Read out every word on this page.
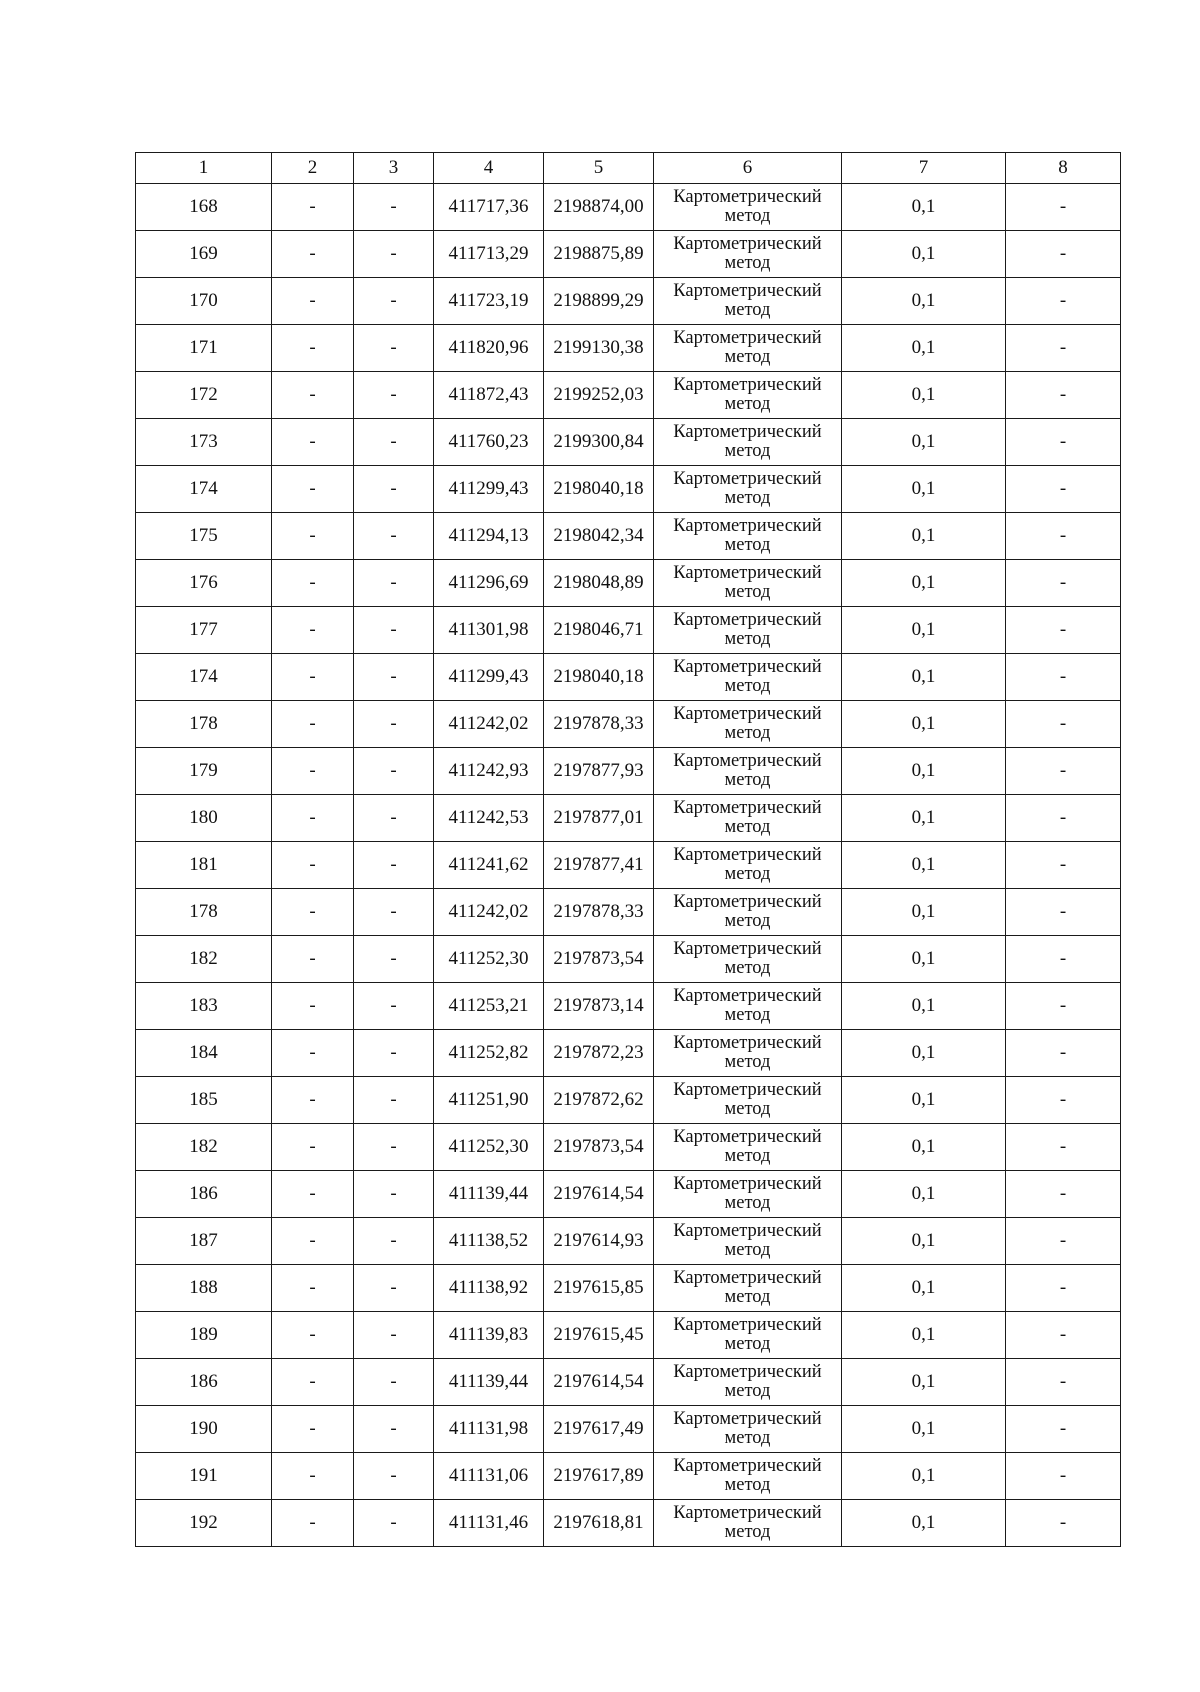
1	2	3	4	5	6	7	8
168	-	-	411717,36	2198874,00	Картометрический
метод	0,1	-
169	-	-	411713,29	2198875,89	Картометрический
метод	0,1	-
170	-	-	411723,19	2198899,29	Картометрический
метод	0,1	-
171	-	-	411820,96	2199130,38	Картометрический
метод	0,1	-
172	-	-	411872,43	2199252,03	Картометрический
метод	0,1	-
173	-	-	411760,23	2199300,84	Картометрический
метод	0,1	-
174	-	-	411299,43	2198040,18	Картометрический
метод	0,1	-
175	-	-	411294,13	2198042,34	Картометрический
метод	0,1	-
176	-	-	411296,69	2198048,89	Картометрический
метод	0,1	-
177	-	-	411301,98	2198046,71	Картометрический
метод	0,1	-
174	-	-	411299,43	2198040,18	Картометрический
метод	0,1	-
178	-	-	411242,02	2197878,33	Картометрический
метод	0,1	-
179	-	-	411242,93	2197877,93	Картометрический
метод	0,1	-
180	-	-	411242,53	2197877,01	Картометрический
метод	0,1	-
181	-	-	411241,62	2197877,41	Картометрический
метод	0,1	-
178	-	-	411242,02	2197878,33	Картометрический
метод	0,1	-
182	-	-	411252,30	2197873,54	Картометрический
метод	0,1	-
183	-	-	411253,21	2197873,14	Картометрический
метод	0,1	-
184	-	-	411252,82	2197872,23	Картометрический
метод	0,1	-
185	-	-	411251,90	2197872,62	Картометрический
метод	0,1	-
182	-	-	411252,30	2197873,54	Картометрический
метод	0,1	-
186	-	-	411139,44	2197614,54	Картометрический
метод	0,1	-
187	-	-	411138,52	2197614,93	Картометрический
метод	0,1	-
188	-	-	411138,92	2197615,85	Картометрический
метод	0,1	-
189	-	-	411139,83	2197615,45	Картометрический
метод	0,1	-
186	-	-	411139,44	2197614,54	Картометрический
метод	0,1	-
190	-	-	411131,98	2197617,49	Картометрический
метод	0,1	-
191	-	-	411131,06	2197617,89	Картометрический
метод	0,1	-
192	-	-	411131,46	2197618,81	Картометрический
метод	0,1	-
